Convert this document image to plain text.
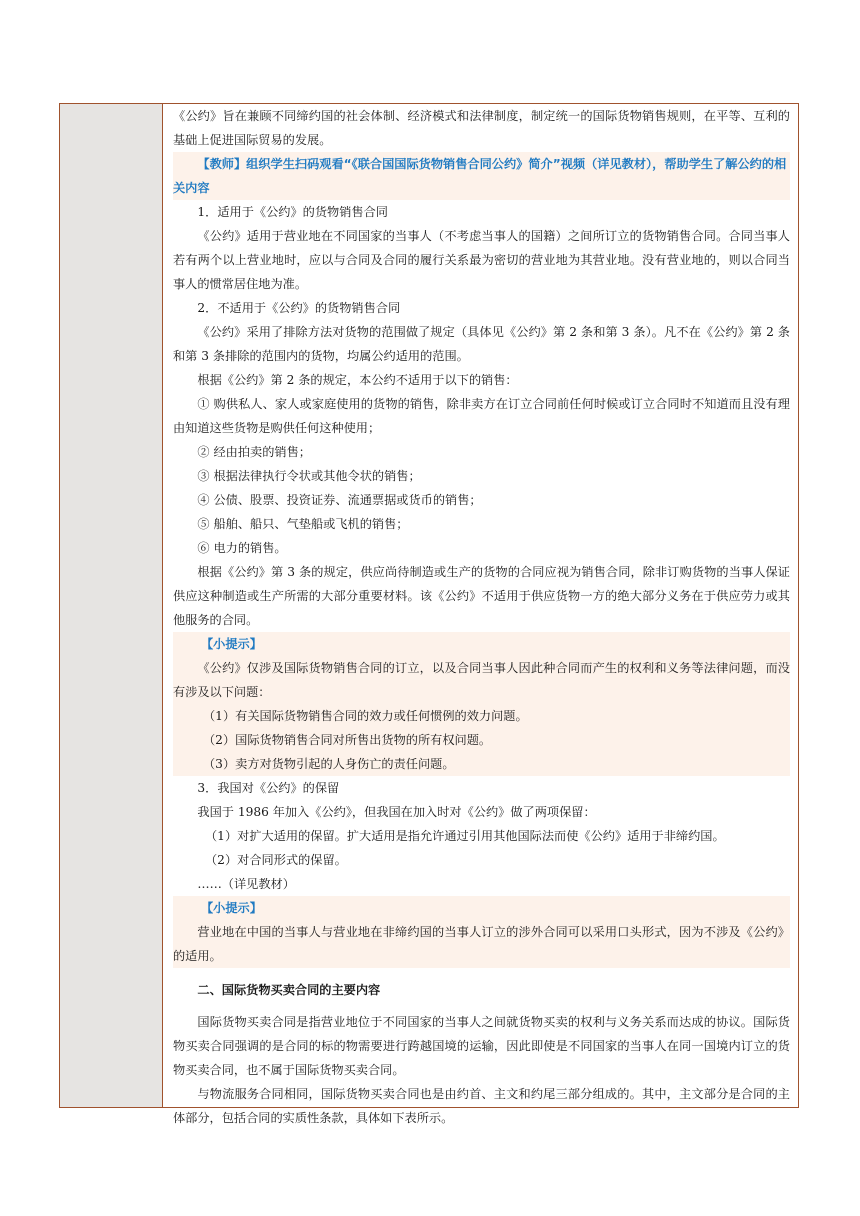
《公约》旨在兼顾不同缔约国的社会体制、经济模式和法律制度，制定统一的国际货物销售规则，在平等、互利的基础上促进国际贸易的发展。

【教师】组织学生扫码观看“《联合国国际货物销售合同公约》简介”视频（详见教材），帮助学生了解公约的相关内容

1．适用于《公约》的货物销售合同

《公约》适用于营业地在不同国家的当事人（不考虑当事人的国籍）之间所订立的货物销售合同。合同当事人若有两个以上营业地时，应以与合同及合同的履行关系最为密切的营业地为其营业地。没有营业地的，则以合同当事人的惯常居住地为准。

2．不适用于《公约》的货物销售合同

《公约》采用了排除方法对货物的范围做了规定（具体见《公约》第 2 条和第 3 条）。凡不在《公约》第 2 条和第 3 条排除的范围内的货物，均属公约适用的范围。

根据《公约》第 2 条的规定，本公约不适用于以下的销售：

① 购供私人、家人或家庭使用的货物的销售，除非卖方在订立合同前任何时候或订立合同时不知道而且没有理由知道这些货物是购供任何这种使用；

② 经由拍卖的销售；

③ 根据法律执行令状或其他令状的销售；

④ 公债、股票、投资证券、流通票据或货币的销售；

⑤ 船舶、船只、气垫船或飞机的销售；

⑥ 电力的销售。

根据《公约》第 3 条的规定，供应尚待制造或生产的货物的合同应视为销售合同，除非订购货物的当事人保证供应这种制造或生产所需的大部分重要材料。该《公约》不适用于供应货物一方的绝大部分义务在于供应劳力或其他服务的合同。

【小提示】

《公约》仅涉及国际货物销售合同的订立，以及合同当事人因此种合同而产生的权利和义务等法律问题，而没有涉及以下问题：

（1）有关国际货物销售合同的效力或任何惯例的效力问题。

（2）国际货物销售合同对所售出货物的所有权问题。

（3）卖方对货物引起的人身伤亡的责任问题。

3．我国对《公约》的保留

我国于 1986 年加入《公约》，但我国在加入时对《公约》做了两项保留：

（1）对扩大适用的保留。扩大适用是指允许通过引用其他国际法而使《公约》适用于非缔约国。

（2）对合同形式的保留。

……（详见教材）

【小提示】

营业地在中国的当事人与营业地在非缔约国的当事人订立的涉外合同可以采用口头形式，因为不涉及《公约》的适用。

二、国际货物买卖合同的主要内容

国际货物买卖合同是指营业地位于不同国家的当事人之间就货物买卖的权利与义务关系而达成的协议。国际货物买卖合同强调的是合同的标的物需要进行跨越国境的运输，因此即使是不同国家的当事人在同一国境内订立的货物买卖合同，也不属于国际货物买卖合同。

与物流服务合同相同，国际货物买卖合同也是由约首、主文和约尾三部分组成的。其中，主文部分是合同的主体部分，包括合同的实质性条款，具体如下表所示。
